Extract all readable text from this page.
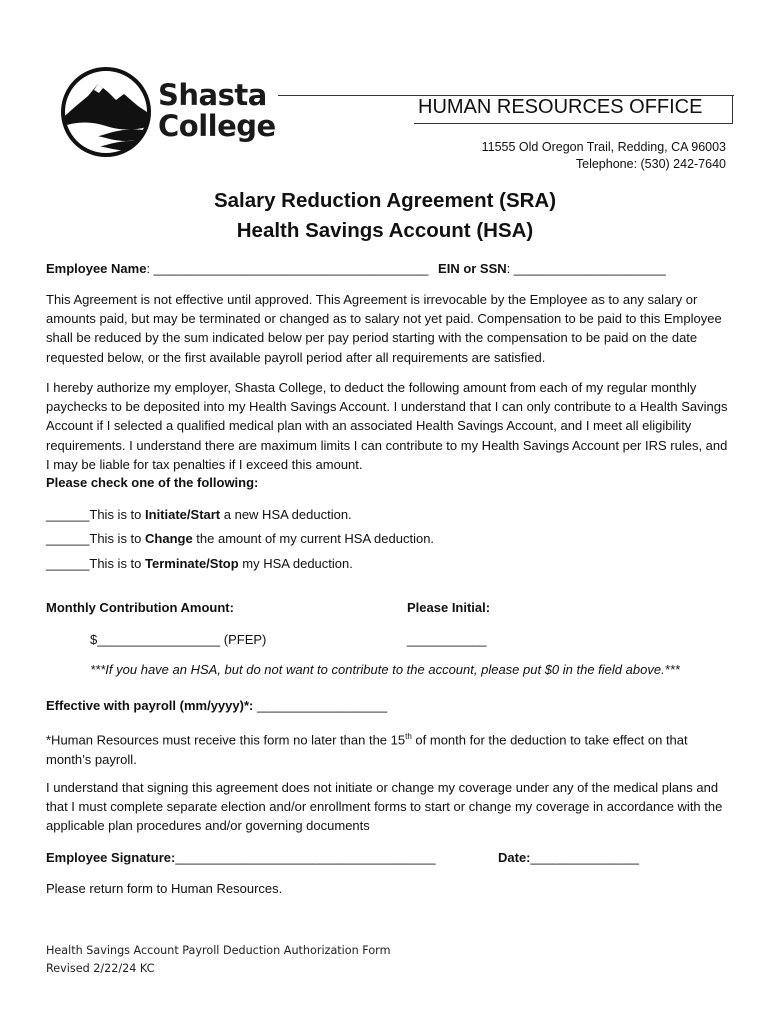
Shasta
College
HUMAN RESOURCES OFFICE
11555 Old Oregon Trail, Redding, CA 96003
Telephone: (530) 242-7640
Salary Reduction Agreement (SRA)
Health Savings Account (HSA)
Employee Name: ______________________________________ EIN or SSN: _____________________
This Agreement is not effective until approved. This Agreement is irrevocable by the Employee as to any salary or amounts paid, but may be terminated or changed as to salary not yet paid. Compensation to be paid to this Employee shall be reduced by the sum indicated below per pay period starting with the compensation to be paid on the date requested below, or the first available payroll period after all requirements are satisfied.
I hereby authorize my employer, Shasta College, to deduct the following amount from each of my regular monthly paychecks to be deposited into my Health Savings Account. I understand that I can only contribute to a Health Savings Account if I selected a qualified medical plan with an associated Health Savings Account, and I meet all eligibility requirements. I understand there are maximum limits I can contribute to my Health Savings Account per IRS rules, and I may be liable for tax penalties if I exceed this amount.
Please check one of the following:
______This is to Initiate/Start a new HSA deduction.
______This is to Change the amount of my current HSA deduction.
______This is to Terminate/Stop my HSA deduction.
Monthly Contribution Amount:	Please Initial:
$_________________ (PFEP)	___________
***If you have an HSA, but do not want to contribute to the account, please put $0 in the field above.***
Effective with payroll (mm/yyyy)*: __________________
*Human Resources must receive this form no later than the 15th of month for the deduction to take effect on that month’s payroll.
I understand that signing this agreement does not initiate or change my coverage under any of the medical plans and that I must complete separate election and/or enrollment forms to start or change my coverage in accordance with the applicable plan procedures and/or governing documents
Employee Signature:____________________________________	Date:_______________
Please return form to Human Resources.
Health Savings Account Payroll Deduction Authorization Form
Revised 2/22/24 KC
